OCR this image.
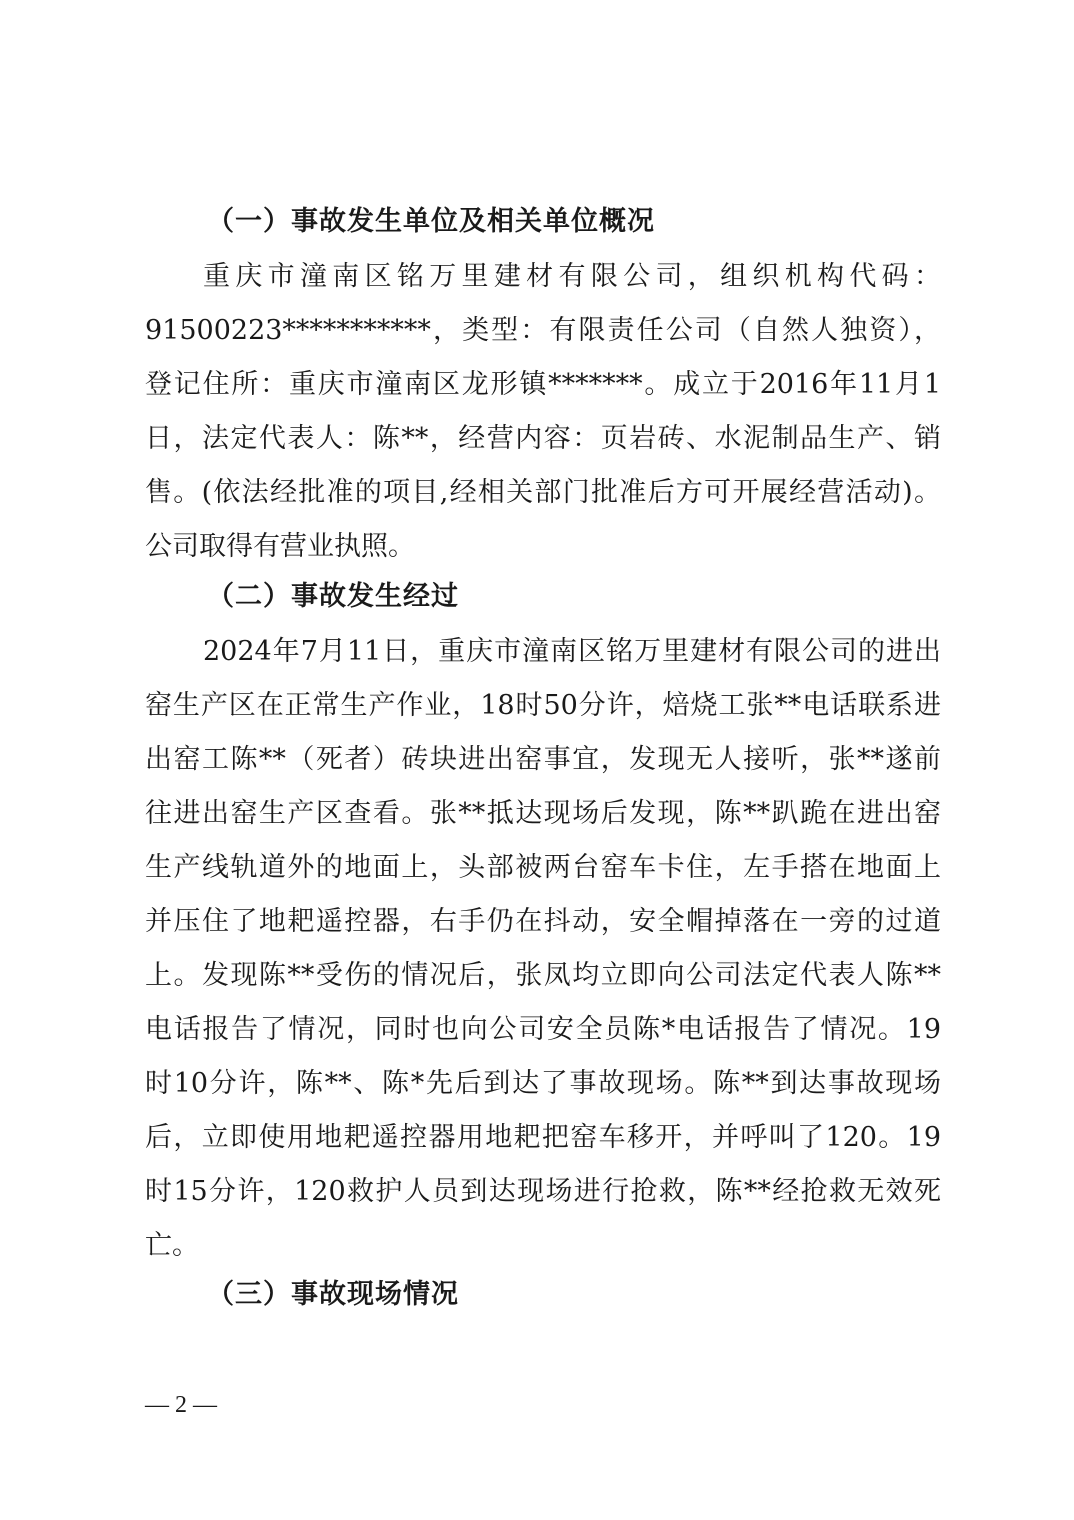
（一）事故发生单位及相关单位概况
重庆市潼南区铭万里建材有限公司，组织机构代码：
91500223***********，类型：有限责任公司（自然人独资），
登记住所：重庆市潼南区龙形镇*******。成立于2016年11月1
日，法定代表人：陈**，经营内容：页岩砖、水泥制品生产、销
售。(依法经批准的项目,经相关部门批准后方可开展经营活动)。
公司取得有营业执照。
（二）事故发生经过
2024年7月11日，重庆市潼南区铭万里建材有限公司的进出
窑生产区在正常生产作业，18时50分许，焙烧工张**电话联系进
出窑工陈**（死者）砖块进出窑事宜，发现无人接听，张**遂前
往进出窑生产区查看。张**抵达现场后发现，陈**趴跪在进出窑
生产线轨道外的地面上，头部被两台窑车卡住，左手搭在地面上
并压住了地耙遥控器，右手仍在抖动，安全帽掉落在一旁的过道
上。发现陈**受伤的情况后，张凤均立即向公司法定代表人陈**
电话报告了情况，同时也向公司安全员陈*电话报告了情况。19
时10分许，陈**、陈*先后到达了事故现场。陈**到达事故现场
后，立即使用地耙遥控器用地耙把窑车移开，并呼叫了120。19
时15分许，120救护人员到达现场进行抢救，陈**经抢救无效死
亡。
（三）事故现场情况
— 2 —
